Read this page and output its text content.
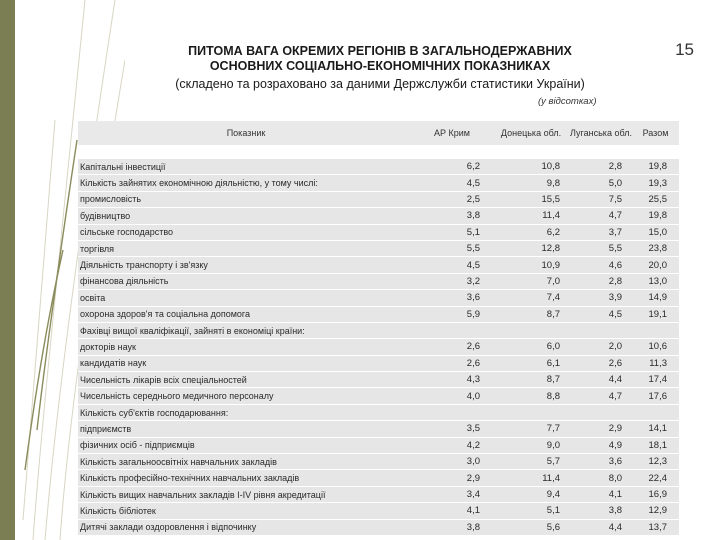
15
ПИТОМА ВАГА ОКРЕМИХ РЕГІОНІВ В ЗАГАЛЬНОДЕРЖАВНИХ
ОСНОВНИХ СОЦІАЛЬНО-ЕКОНОМІЧНИХ ПОКАЗНИКАХ
(складено та розраховано за даними Держслужби статистики України)
(у відсотках)
Показник	АР Крим	Донецька обл. Луганська обл.	Разом
Капітальні інвестиції	6,2	10,8	2,8	19,8
Кількість зайнятих економічною діяльністю, у тому числі:	4,5	9,8	5,0	19,3
промисловість	2,5	15,5	7,5	25,5
будівництво	3,8	11,4	4,7	19,8
сільське господарство	5,1	6,2	3,7	15,0
торгівля	5,5	12,8	5,5	23,8
Діяльність транспорту і зв'язку	4,5	10,9	4,6	20,0
фінансова діяльність	3,2	7,0	2,8	13,0
освіта	3,6	7,4	3,9	14,9
охорона здоров'я та соціальна допомога	5,9	8,7	4,5	19,1
Фахівці вищої кваліфікації, зайняті в економіці країни:
докторів наук	2,6	6,0	2,0	10,6
кандидатів наук	2,6	6,1	2,6	11,3
Чисельність лікарів всіх спеціальностей	4,3	8,7	4,4	17,4
Чисельність середнього медичного персоналу	4,0	8,8	4,7	17,6
Кількість суб'єктів господарювання:
підприємств	3,5	7,7	2,9	14,1
фізичних осіб - підприємців	4,2	9,0	4,9	18,1
Кількість загальноосвітніх навчальних закладів	3,0	5,7	3,6	12,3
Кількість професійно-технічних навчальних закладів	2,9	11,4	8,0	22,4
Кількість вищих навчальних закладів І-ІV рівня акредитації	3,4	9,4	4,1	16,9
Кількість бібліотек	4,1	5,1	3,8	12,9
Дитячі заклади оздоровлення і відпочинку	3,8	5,6	4,4	13,7
